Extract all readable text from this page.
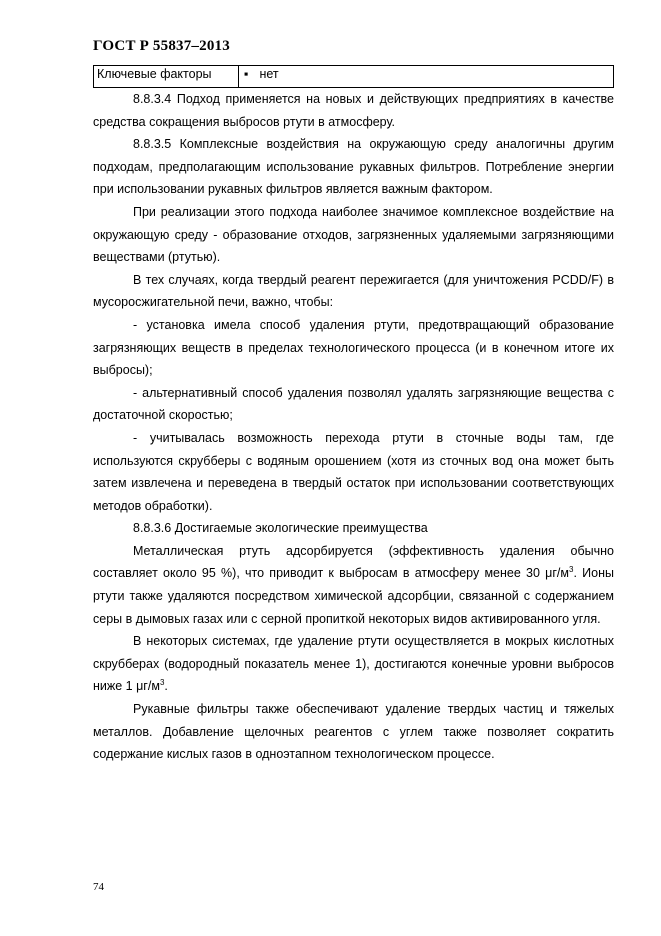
ГОСТ Р 55837–2013
Ключевые факторы	▪ нет

8.8.3.4 Подход применяется на новых и действующих предприятиях в качестве средства сокращения выбросов ртути в атмосферу.

8.8.3.5 Комплексные воздействия на окружающую среду аналогичны другим подходам, предполагающим использование рукавных фильтров. Потребление энергии при использовании рукавных фильтров является важным фактором.

При реализации этого подхода наиболее значимое комплексное воздействие на окружающую среду - образование отходов, загрязненных удаляемыми загрязняющими веществами (ртутью).

В тех случаях, когда твердый реагент пережигается (для уничтожения PCDD/F) в мусоросжигательной печи, важно, чтобы:

- установка имела способ удаления ртути, предотвращающий образование загрязняющих веществ в пределах технологического процесса (и в конечном итоге их выбросы);

- альтернативный способ удаления позволял удалять загрязняющие вещества с достаточной скоростью;

- учитывалась возможность перехода ртути в сточные воды там, где используются скрубберы с водяным орошением (хотя из сточных вод она может быть затем извлечена и переведена в твердый остаток при использовании соответствующих методов обработки).

8.8.3.6 Достигаемые экологические преимущества

Металлическая ртуть адсорбируется (эффективность удаления обычно составляет около 95 %), что приводит к выбросам в атмосферу менее 30 $\mu г/м^3$. Ионы ртути также удаляются посредством химической адсорбции, связанной с содержанием серы в дымовых газах или с серной пропиткой некоторых видов активированного угля.

В некоторых системах, где удаление ртути осуществляется в мокрых кислотных скрубберах (водородный показатель менее 1), достигаются конечные уровни выбросов ниже 1 $\mu г/м^3$.

Рукавные фильтры также обеспечивают удаление твердых частиц и тяжелых металлов. Добавление щелочных реагентов с углем также позволяет сократить содержание кислых газов в одноэтапном технологическом процессе.

74
